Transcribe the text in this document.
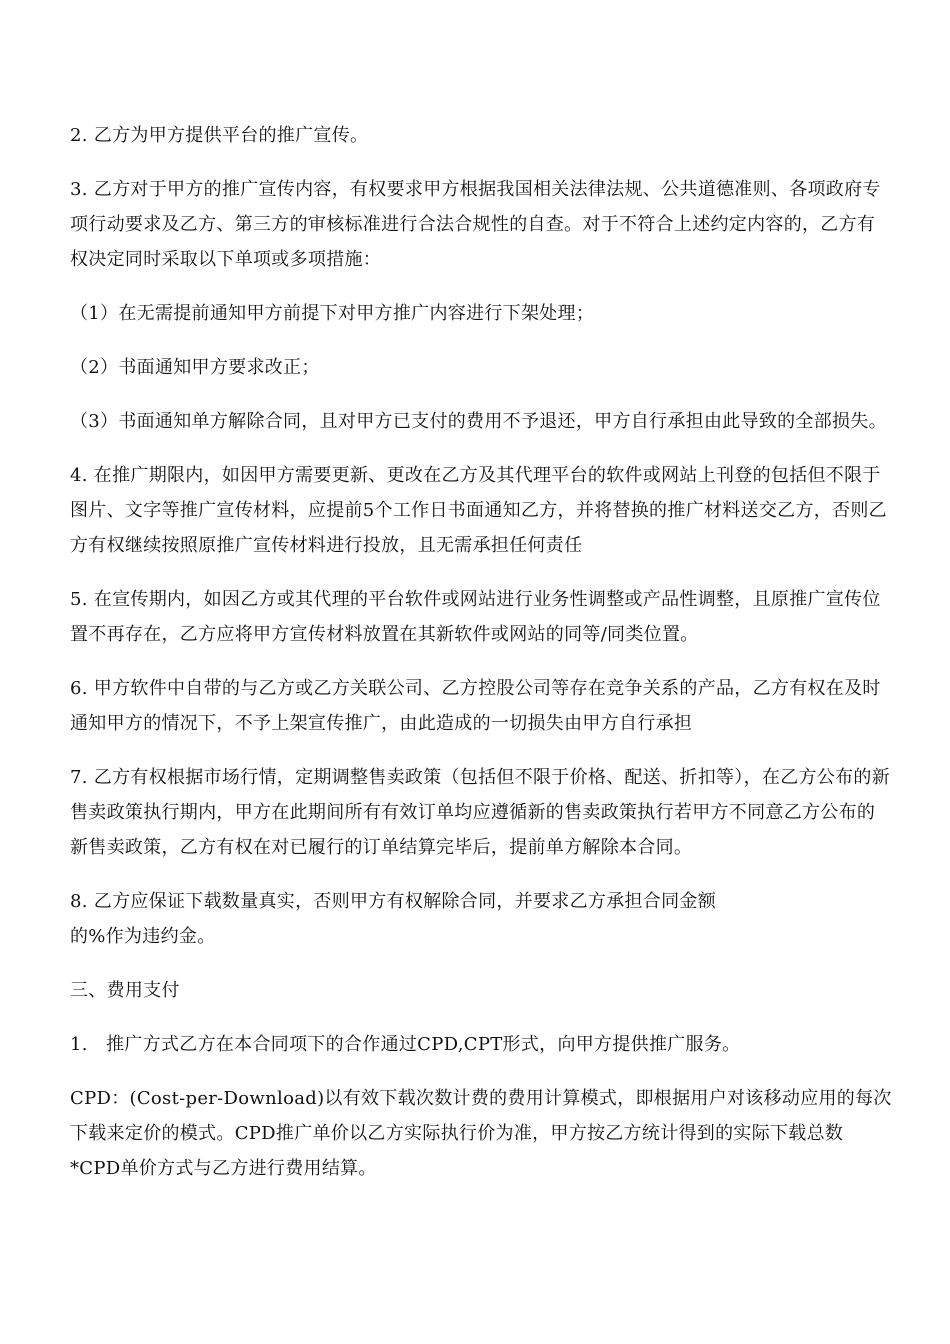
2. 乙方为甲方提供平台的推广宣传。

3. 乙方对于甲方的推广宣传内容，有权要求甲方根据我国相关法律法规、公共道德准则、各项政府专项行动要求及乙方、第三方的审核标准进行合法合规性的自查。对于不符合上述约定内容的，乙方有权决定同时采取以下单项或多项措施：

（1）在无需提前通知甲方前提下对甲方推广内容进行下架处理；

（2）书面通知甲方要求改正；

（3）书面通知单方解除合同，且对甲方已支付的费用不予退还，甲方自行承担由此导致的全部损失。

4. 在推广期限内，如因甲方需要更新、更改在乙方及其代理平台的软件或网站上刊登的包括但不限于图片、文字等推广宣传材料，应提前5个工作日书面通知乙方，并将替换的推广材料送交乙方，否则乙方有权继续按照原推广宣传材料进行投放，且无需承担任何责任

5. 在宣传期内，如因乙方或其代理的平台软件或网站进行业务性调整或产品性调整，且原推广宣传位置不再存在，乙方应将甲方宣传材料放置在其新软件或网站的同等/同类位置。

6. 甲方软件中自带的与乙方或乙方关联公司、乙方控股公司等存在竞争关系的产品，乙方有权在及时通知甲方的情况下，不予上架宣传推广，由此造成的一切损失由甲方自行承担

7. 乙方有权根据市场行情，定期调整售卖政策（包括但不限于价格、配送、折扣等），在乙方公布的新售卖政策执行期内，甲方在此期间所有有效订单均应遵循新的售卖政策执行若甲方不同意乙方公布的新售卖政策，乙方有权在对已履行的订单结算完毕后，提前单方解除本合同。

8. 乙方应保证下载数量真实，否则甲方有权解除合同，并要求乙方承担合同金额

的%作为违约金。

三、费用支付

1.　推广方式乙方在本合同项下的合作通过CPD,CPT形式，向甲方提供推广服务。

CPD：(Cost-per-Download)以有效下载次数计费的费用计算模式，即根据用户对该移动应用的每次下载来定价的模式。CPD推广单价以乙方实际执行价为准，甲方按乙方统计得到的实际下载总数*CPD单价方式与乙方进行费用结算。
